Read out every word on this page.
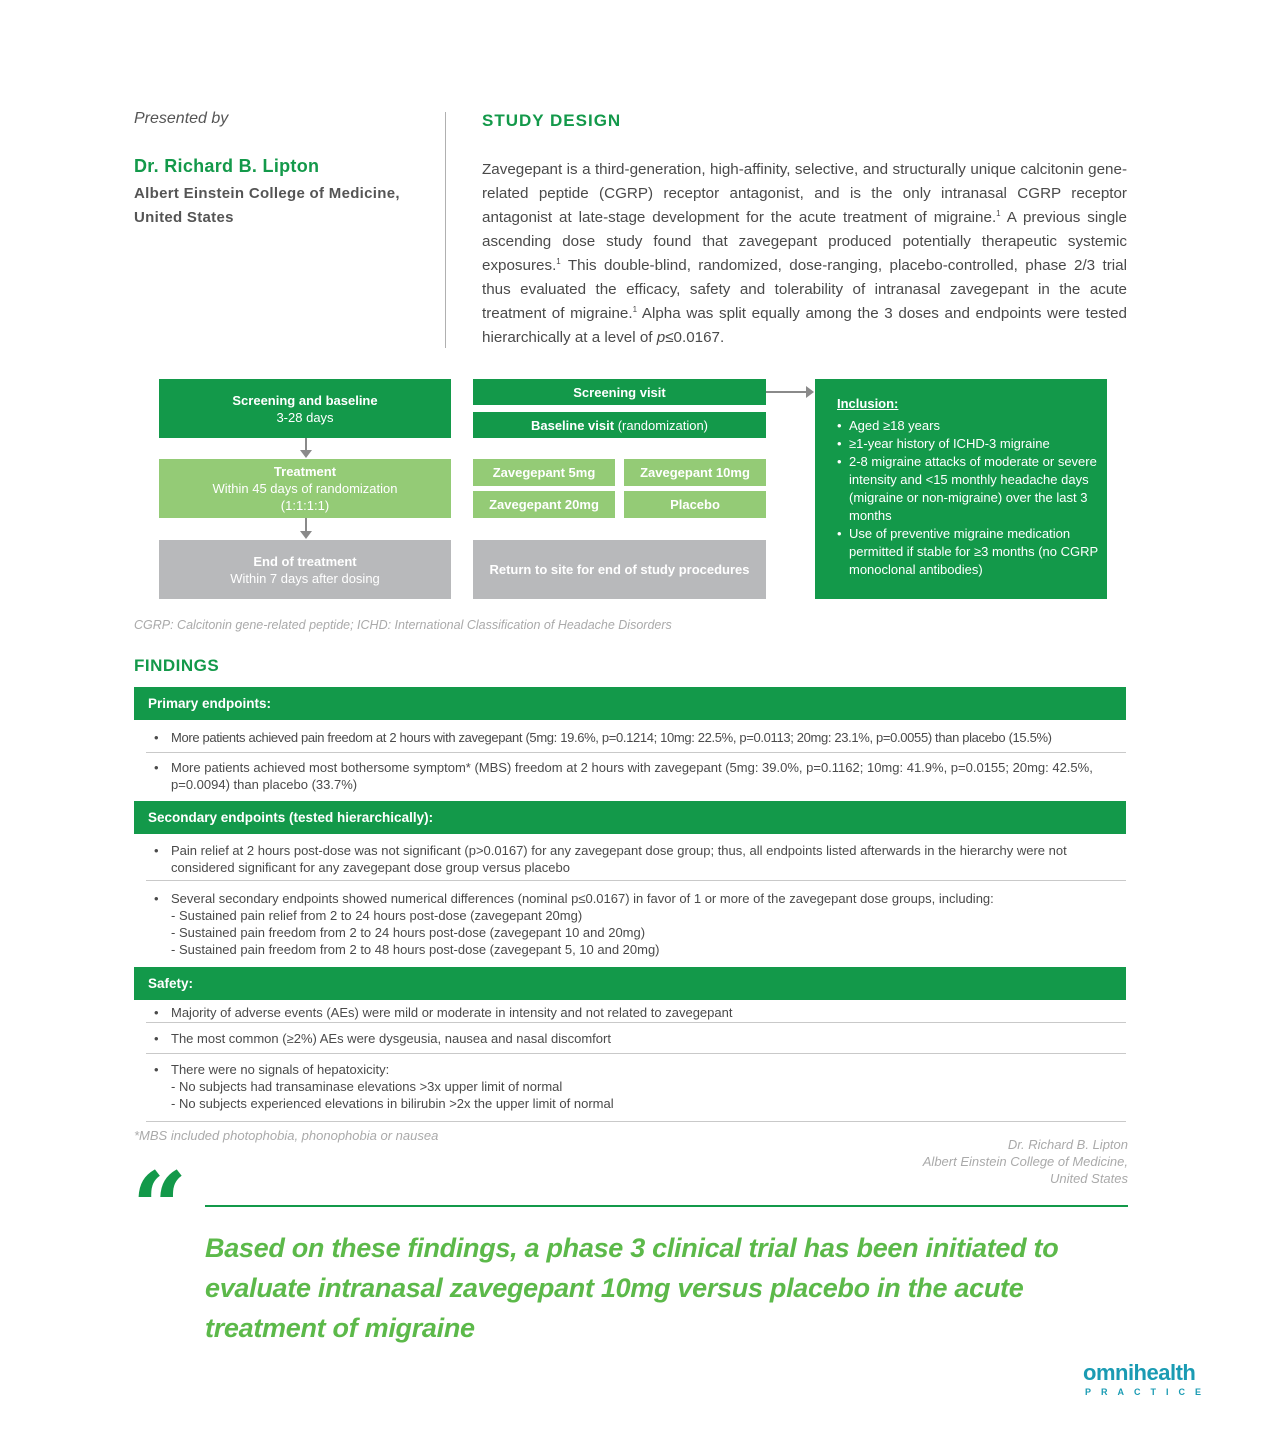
Presented by
Dr. Richard B. Lipton
Albert Einstein College of Medicine,
United States
STUDY DESIGN
Zavegepant is a third-generation, high-affinity, selective, and structurally unique calcitonin gene-related peptide (CGRP) receptor antagonist, and is the only intranasal CGRP receptor antagonist at late-stage development for the acute treatment of migraine.$^1$ A previous single ascending dose study found that zavegepant produced potentially therapeutic systemic exposures.$^1$ This double-blind, randomized, dose-ranging, placebo-controlled, phase 2/3 trial thus evaluated the efficacy, safety and tolerability of intranasal zavegepant in the acute treatment of migraine.$^1$ Alpha was split equally among the 3 doses and endpoints were tested hierarchically at a level of p≤0.0167.
Screening and baseline
3-28 days
Treatment
Within 45 days of randomization
(1:1:1:1)
End of treatment
Within 7 days after dosing
Screening visit
Baseline visit (randomization)
Zavegepant 5mg	Zavegepant 10mg
Zavegepant 20mg	Placebo
Return to site for end of study procedures
Inclusion:
• Aged ≥18 years
• ≥1-year history of ICHD-3 migraine
• 2-8 migraine attacks of moderate or severe intensity and <15 monthly headache days (migraine or non-migraine) over the last 3 months
• Use of preventive migraine medication permitted if stable for ≥3 months (no CGRP monoclonal antibodies)
CGRP: Calcitonin gene-related peptide; ICHD: International Classification of Headache Disorders
FINDINGS
Primary endpoints:
• More patients achieved pain freedom at 2 hours with zavegepant (5mg: 19.6%, p=0.1214; 10mg: 22.5%, p=0.0113; 20mg: 23.1%, p=0.0055) than placebo (15.5%)
• More patients achieved most bothersome symptom* (MBS) freedom at 2 hours with zavegepant (5mg: 39.0%, p=0.1162; 10mg: 41.9%, p=0.0155; 20mg: 42.5%, p=0.0094) than placebo (33.7%)
Secondary endpoints (tested hierarchically):
• Pain relief at 2 hours post-dose was not significant (p>0.0167) for any zavegepant dose group; thus, all endpoints listed afterwards in the hierarchy were not considered significant for any zavegepant dose group versus placebo
• Several secondary endpoints showed numerical differences (nominal p≤0.0167) in favor of 1 or more of the zavegepant dose groups, including:
- Sustained pain relief from 2 to 24 hours post-dose (zavegepant 20mg)
- Sustained pain freedom from 2 to 24 hours post-dose (zavegepant 10 and 20mg)
- Sustained pain freedom from 2 to 48 hours post-dose (zavegepant 5, 10 and 20mg)
Safety:
• Majority of adverse events (AEs) were mild or moderate in intensity and not related to zavegepant
• The most common (≥2%) AEs were dysgeusia, nausea and nasal discomfort
• There were no signals of hepatoxicity:
- No subjects had transaminase elevations >3x upper limit of normal
- No subjects experienced elevations in bilirubin >2x the upper limit of normal
*MBS included photophobia, phonophobia or nausea
Dr. Richard B. Lipton
Albert Einstein College of Medicine,
United States
“ Based on these findings, a phase 3 clinical trial has been initiated to evaluate intranasal zavegepant 10mg versus placebo in the acute treatment of migraine
omnihealth
PRACTICE
